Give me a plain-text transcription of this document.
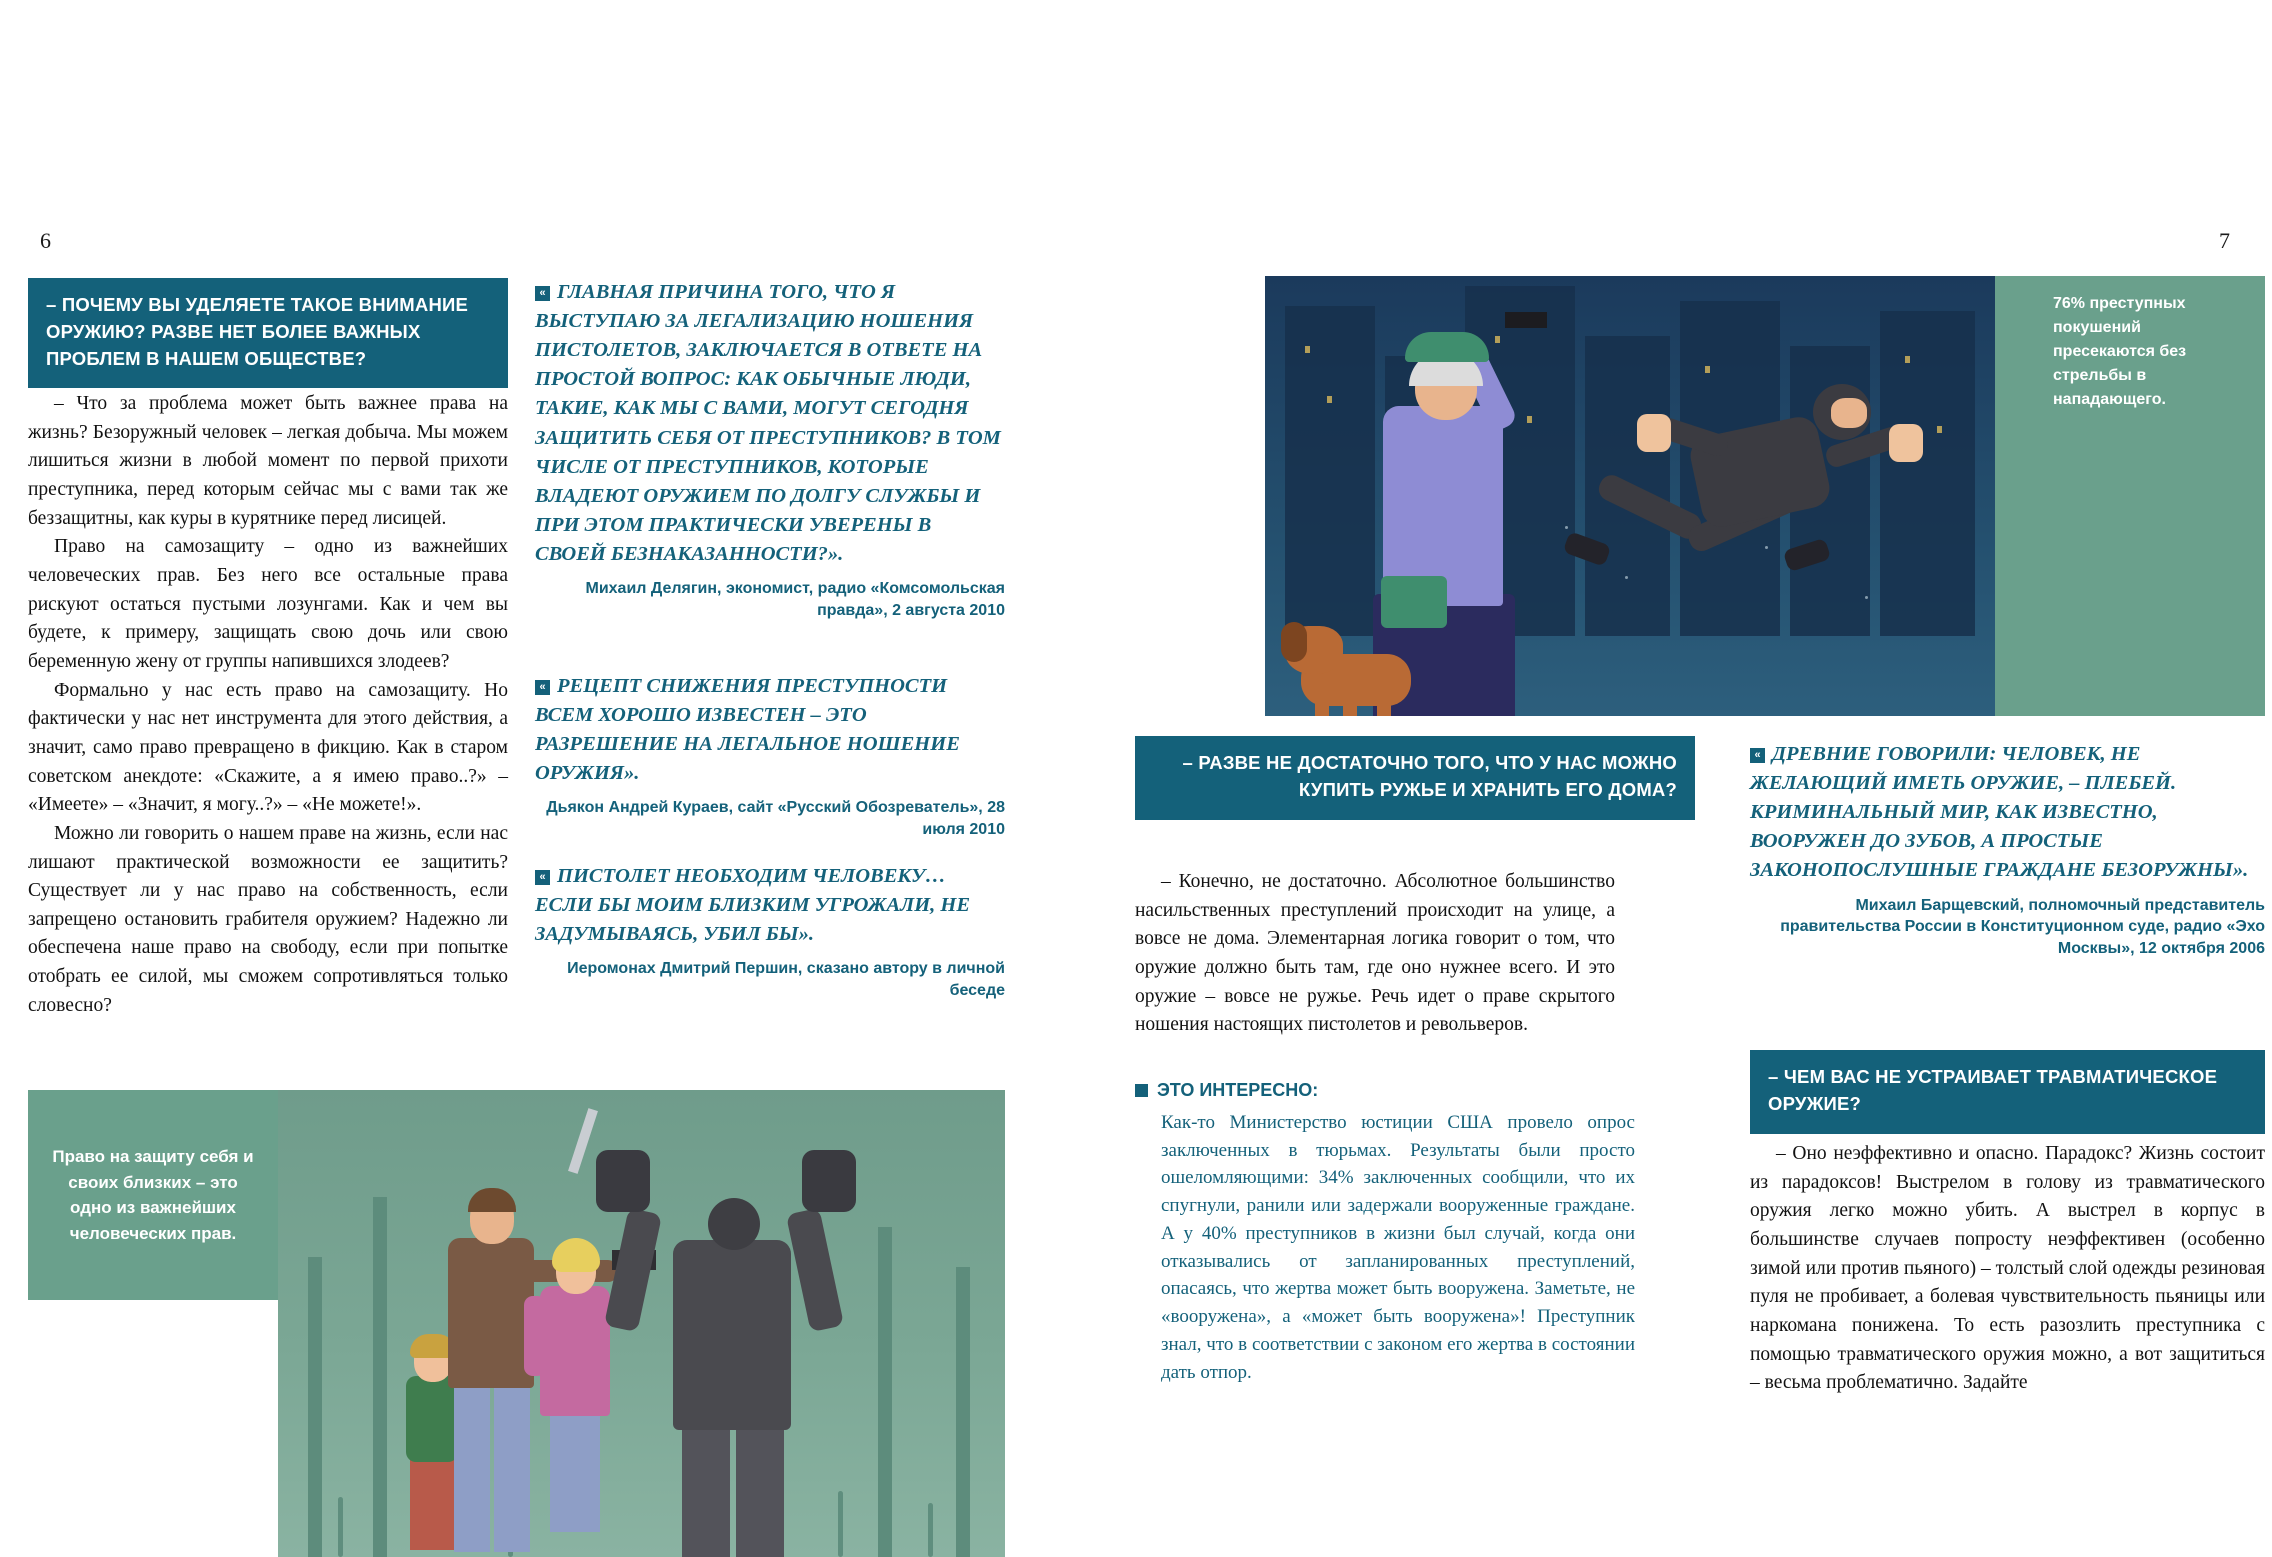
6	7
– ПОЧЕМУ ВЫ УДЕЛЯЕТЕ ТАКОЕ ВНИМАНИЕ ОРУЖИЮ? РАЗВЕ НЕТ БОЛЕЕ ВАЖНЫХ ПРОБЛЕМ В НАШЕМ ОБЩЕСТВЕ?

– Что за проблема может быть важнее права на жизнь? Безоружный человек – легкая добыча. Мы можем лишиться жизни в любой момент по первой прихоти преступника, перед которым сейчас мы с вами так же беззащитны, как куры в курятнике перед лисицей.

Право на самозащиту – одно из важнейших человеческих прав. Без него все остальные права рискуют остаться пустыми лозунгами. Как и чем вы будете, к примеру, защищать свою дочь или свою беременную жену от группы напившихся злодеев?

Формально у нас есть право на самозащиту. Но фактически у нас нет инструмента для этого действия, а значит, само право превращено в фикцию. Как в старом советском анекдоте: «Скажите, а я имею право..?» – «Имеете» – «Значит, я могу..?» – «Не можете!».

Можно ли говорить о нашем праве на жизнь, если нас лишают практической возможности ее защитить? Существует ли у нас право на собственность, если запрещено остановить грабителя оружием? Надежно ли обеспечена наше право на свободу, если при попытке отобрать ее силой, мы сможем сопротивляться только словесно?

« ГЛАВНАЯ ПРИЧИНА ТОГО, ЧТО Я ВЫСТУПАЮ ЗА ЛЕГАЛИЗАЦИЮ НОШЕНИЯ ПИСТОЛЕТОВ, ЗАКЛЮЧАЕТСЯ В ОТВЕТЕ НА ПРОСТОЙ ВОПРОС: КАК ОБЫЧНЫЕ ЛЮДИ, ТАКИЕ, КАК МЫ С ВАМИ, МОГУТ СЕГОДНЯ ЗАЩИТИТЬ СЕБЯ ОТ ПРЕСТУПНИКОВ? В ТОМ ЧИСЛЕ ОТ ПРЕСТУПНИКОВ, КОТОРЫЕ ВЛАДЕЮТ ОРУЖИЕМ ПО ДОЛГУ СЛУЖБЫ И ПРИ ЭТОМ ПРАКТИЧЕСКИ УВЕРЕНЫ В СВОЕЙ БЕЗНАКАЗАННОСТИ?».
Михаил Делягин, экономист, радио «Комсомольская правда», 2 августа 2010
« РЕЦЕПТ СНИЖЕНИЯ ПРЕСТУПНОСТИ ВСЕМ ХОРОШО ИЗВЕСТЕН – ЭТО РАЗРЕШЕНИЕ НА ЛЕГАЛЬНОЕ НОШЕНИЕ ОРУЖИЯ».
Дьякон Андрей Кураев, сайт «Русский Обозреватель», 28 июля 2010
« ПИСТОЛЕТ НЕОБХОДИМ ЧЕЛОВЕКУ… ЕСЛИ БЫ МОИМ БЛИЗКИМ УГРОЖАЛИ, НЕ ЗАДУМЫВАЯСЬ, УБИЛ БЫ».
Иеромонах Дмитрий Першин, сказано автору в личной беседе
Право на защиту себя и своих близких – это одно из важнейших человеческих прав.
76% преступных покушений пресекаются без стрельбы в нападающего.
– РАЗВЕ НЕ ДОСТАТОЧНО ТОГО, ЧТО У НАС МОЖНО КУПИТЬ РУЖЬЕ И ХРАНИТЬ ЕГО ДОМА?

– Конечно, не достаточно. Абсолютное большинство насильственных преступлений происходит на улице, а вовсе не дома. Элементарная логика говорит о том, что оружие должно быть там, где оно нужнее всего. И это оружие – вовсе не ружье. Речь идет о праве скрытого ношения настоящих пистолетов и револьверов.

ЭТО ИНТЕРЕСНО:
Как-то Министерство юстиции США провело опрос заключенных в тюрьмах. Результаты были просто ошеломляющими: 34% заключенных сообщили, что их спугнули, ранили или задержали вооруженные граждане. А у 40% преступников в жизни был случай, когда они отказывались от запланированных преступлений, опасаясь, что жертва может быть вооружена. Заметьте, не «вооружена», а «может быть вооружена»! Преступник знал, что в соответствии с законом его жертва в состоянии дать отпор.
« ДРЕВНИЕ ГОВОРИЛИ: ЧЕЛОВЕК, НЕ ЖЕЛАЮЩИЙ ИМЕТЬ ОРУЖИЕ, – ПЛЕБЕЙ. КРИМИНАЛЬНЫЙ МИР, КАК ИЗВЕСТНО, ВООРУЖЕН ДО ЗУБОВ, А ПРОСТЫЕ ЗАКОНОПОСЛУШНЫЕ ГРАЖДАНЕ БЕЗОРУЖНЫ».
Михаил Барщевский, полномочный представитель правительства России в Конституционном суде, радио «Эхо Москвы», 12 октября 2006
– ЧЕМ ВАС НЕ УСТРАИВАЕТ ТРАВМАТИЧЕСКОЕ ОРУЖИЕ?

– Оно неэффективно и опасно. Парадокс? Жизнь состоит из парадоксов! Выстрелом в голову из травматического оружия легко можно убить. А выстрел в корпус в большинстве случаев попросту неэффективен (особенно зимой или против пьяного) – толстый слой одежды резиновая пуля не пробивает, а болевая чувствительность пьяницы или наркомана понижена. То есть разозлить преступника с помощью травматического оружия можно, а вот защититься – весьма проблематично. Задайте
